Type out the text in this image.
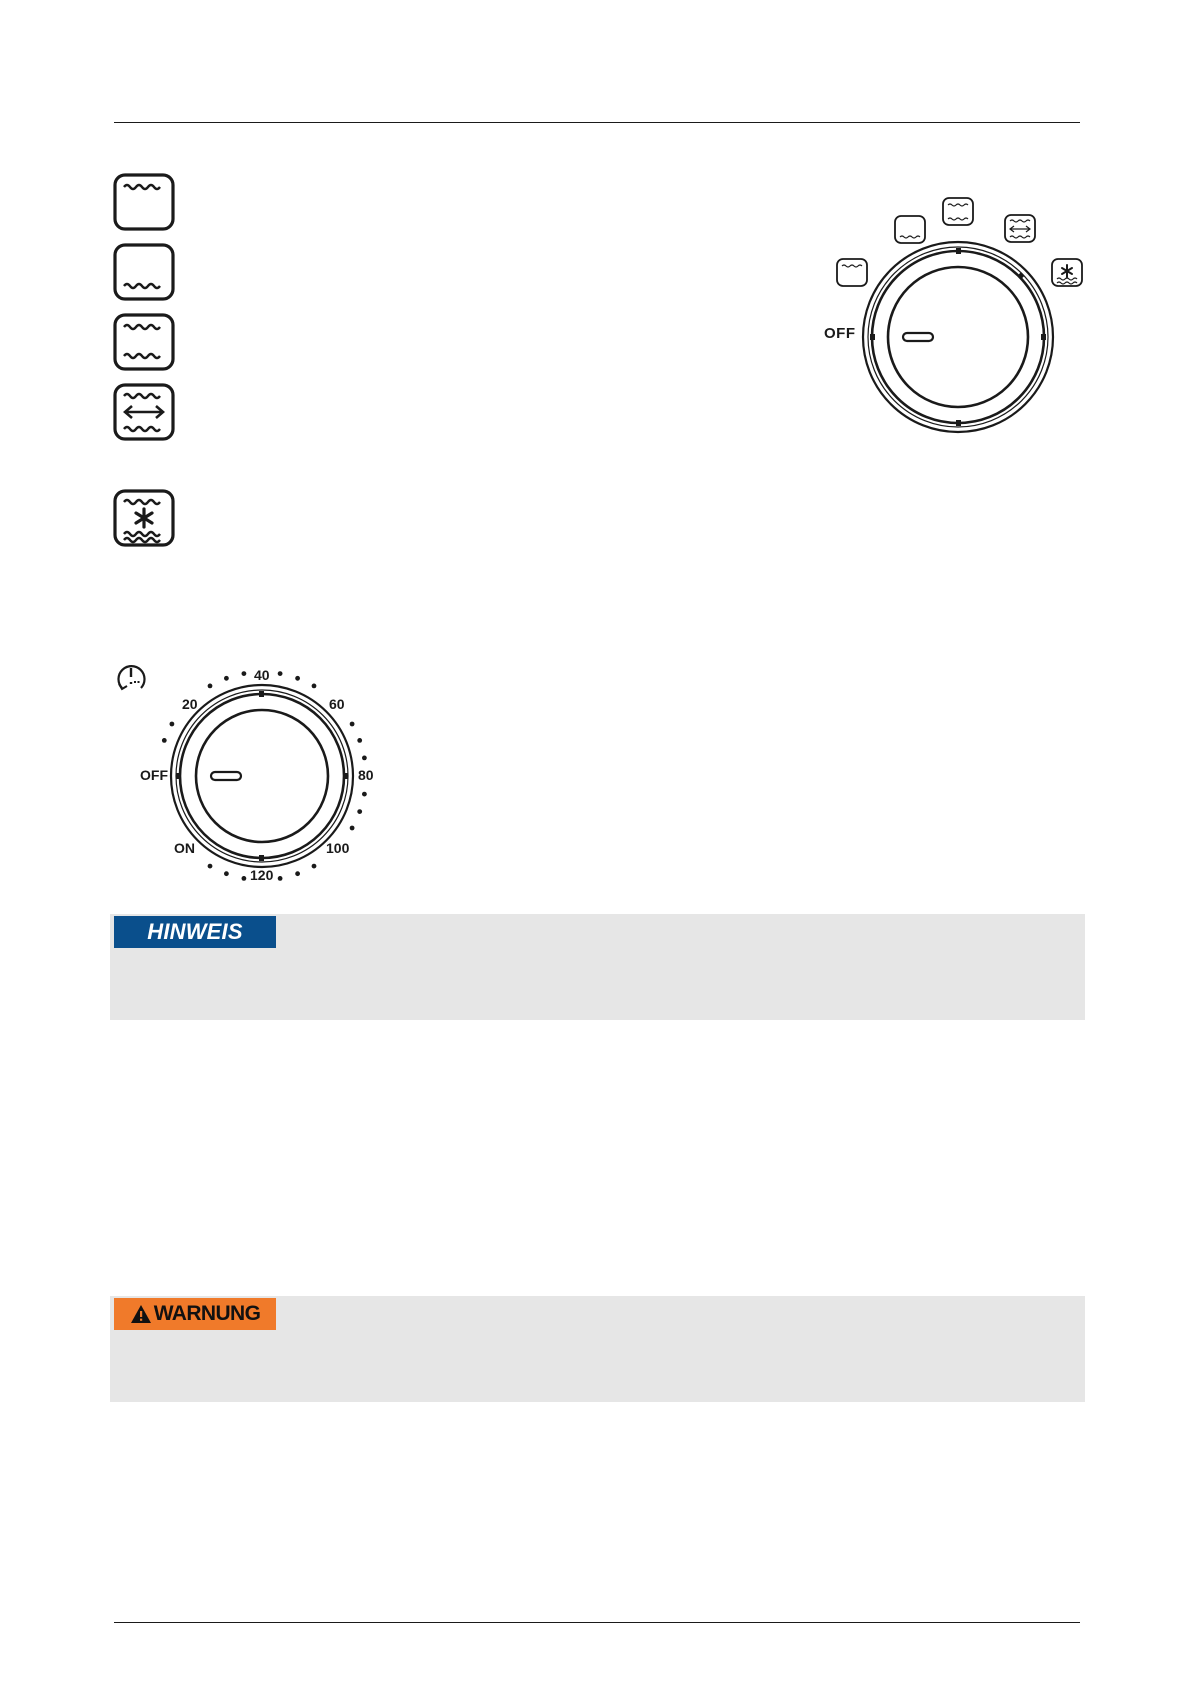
OFF
40
20	60
OFF	80
ON	100
120
HINWEIS
WARNUNG
